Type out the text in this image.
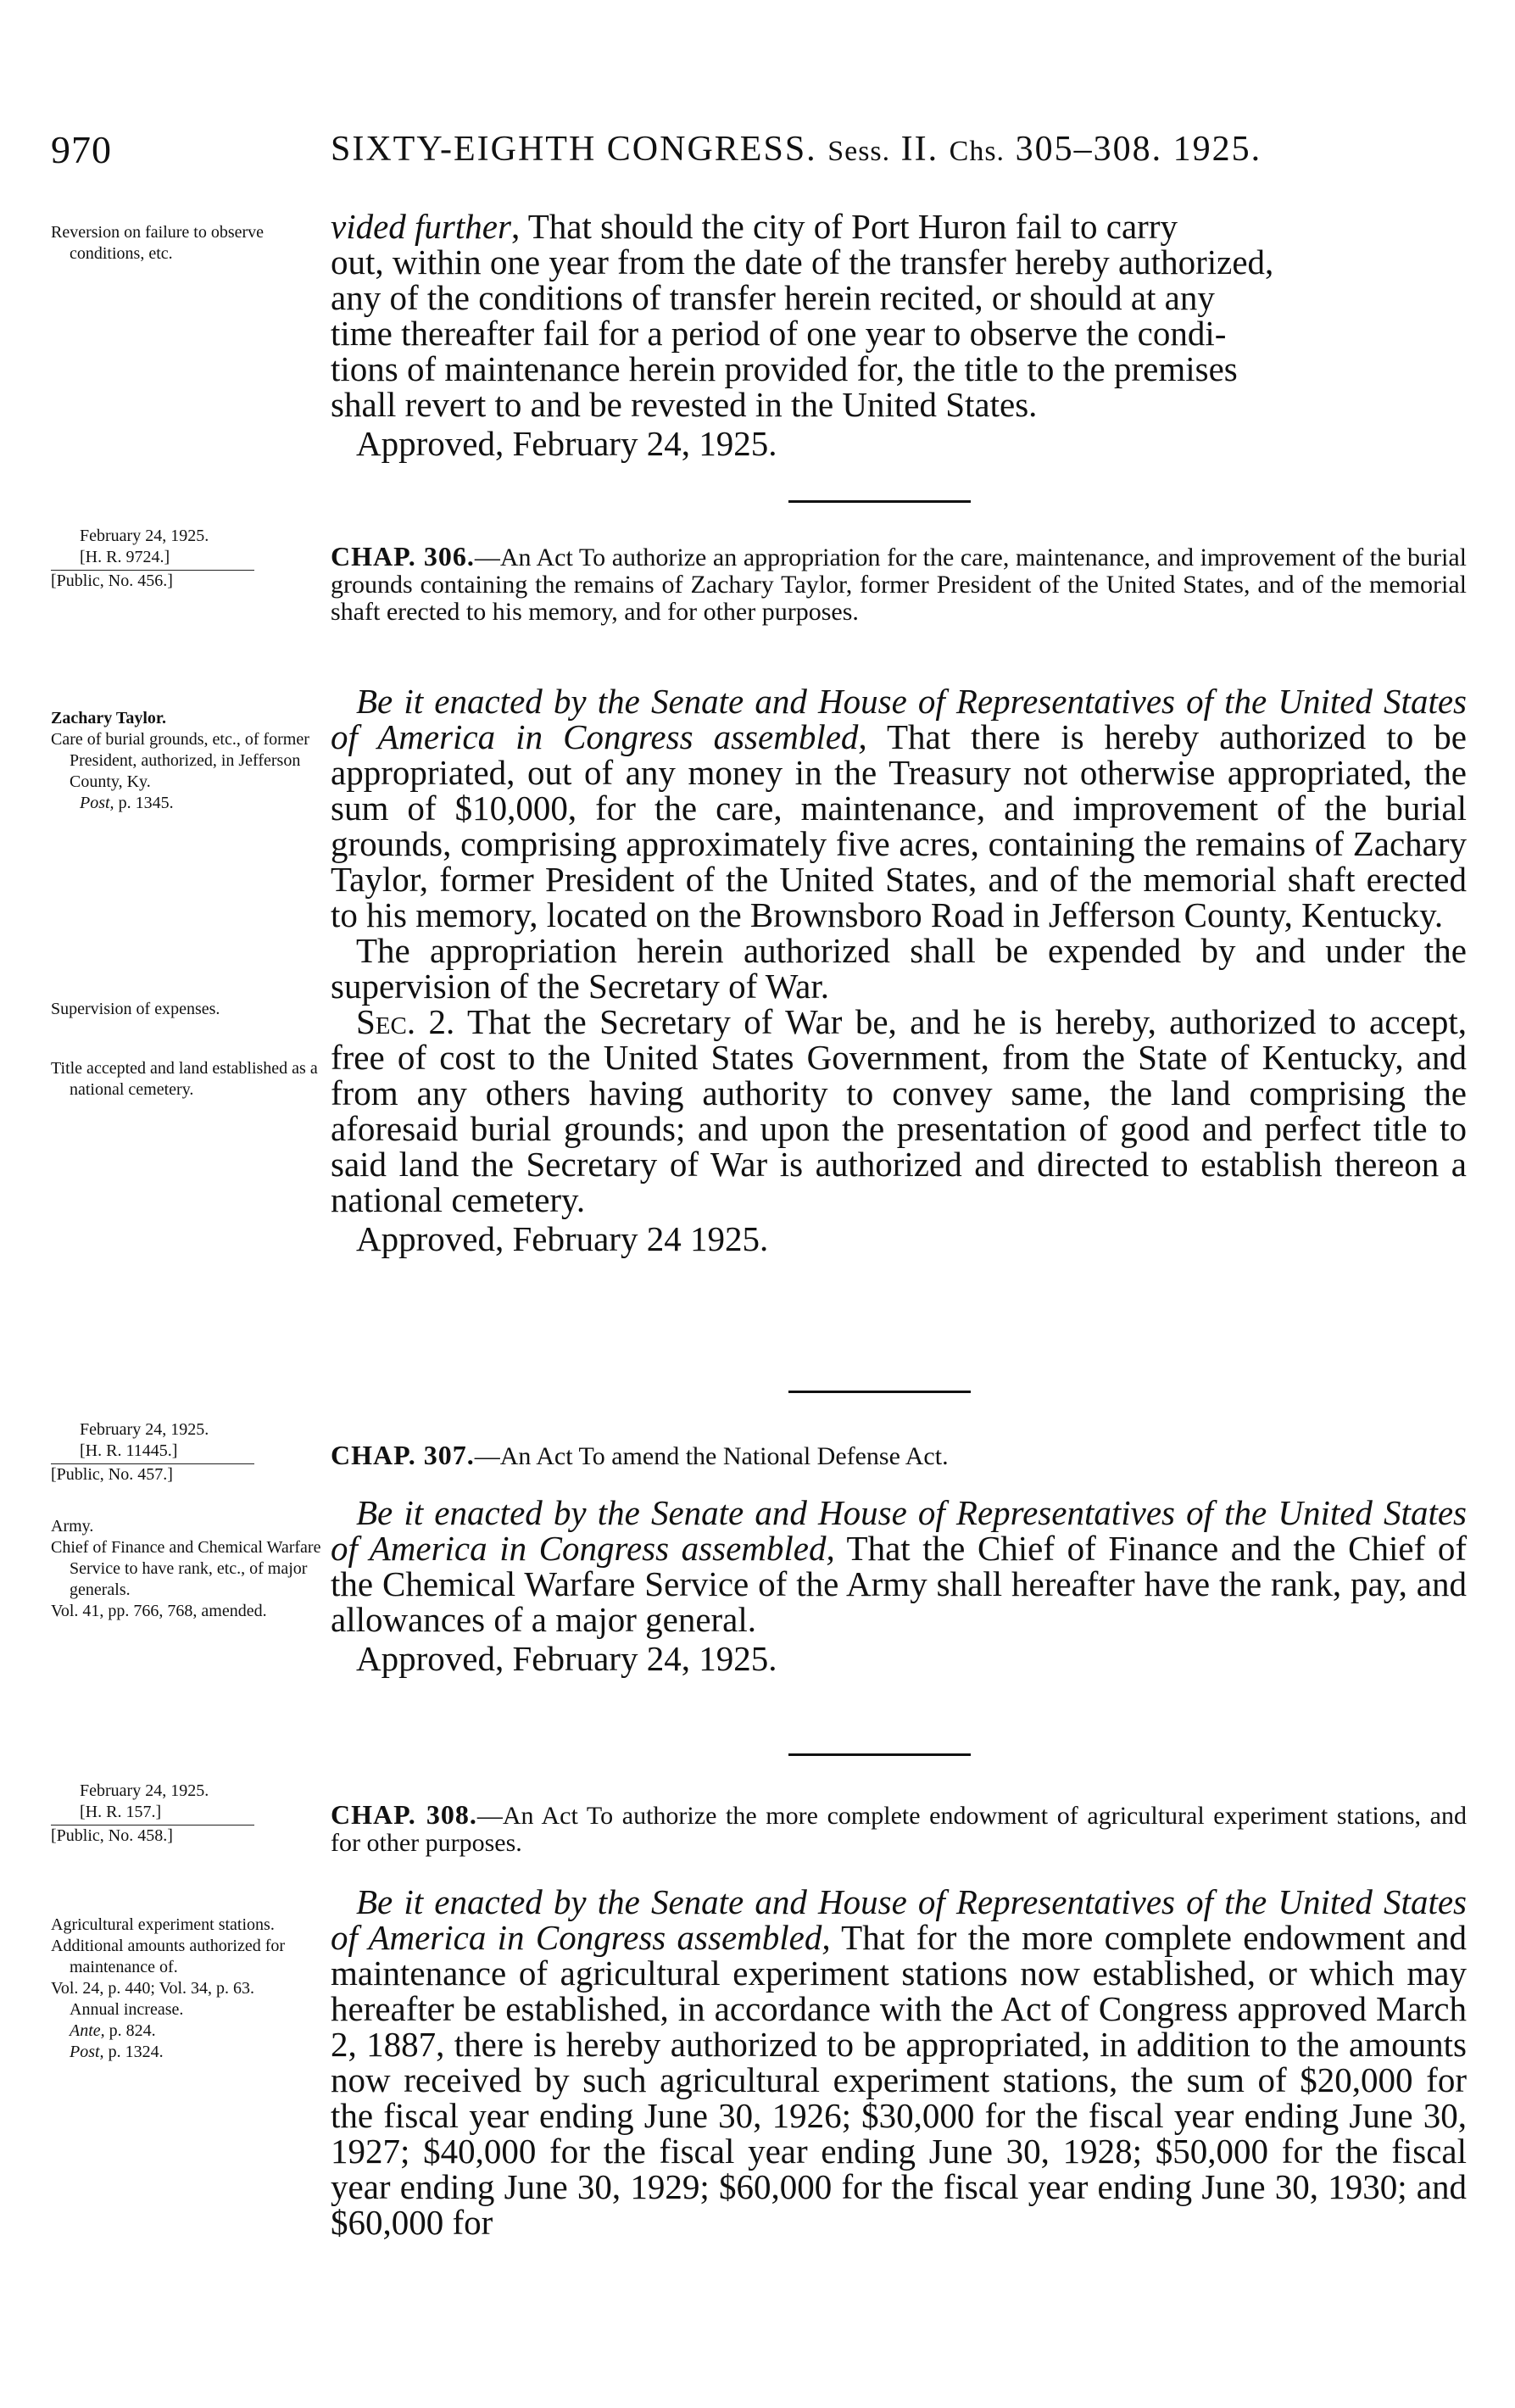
970	SIXTY-EIGHTH CONGRESS. Sess. II. Chs. 305–308. 1925.

Reversion on failure to observe conditions, etc.

vided further, That should the city of Port Huron fail to carry

out, within one year from the date of the transfer hereby authorized,

any of the conditions of transfer herein recited, or should at any

time thereafter fail for a period of one year to observe the condi-

tions of maintenance herein provided for, the title to the premises

shall revert to and be revested in the United States.

Approved, February 24, 1925.

February 24, 1925.

[H. R. 9724.]

[Public, No. 456.]

CHAP. 306.—An Act To authorize an appropriation for the care, maintenance, and improvement of the burial grounds containing the remains of Zachary Taylor, former President of the United States, and of the memorial shaft erected to his memory, and for other purposes.

Zachary Taylor.

Care of burial grounds, etc., of former President, authorized, in Jefferson County, Ky.

Post, p. 1345.

Supervision of expenses.

Title accepted and land established as a national cemetery.

Be it enacted by the Senate and House of Representatives of the United States of America in Congress assembled, That there is hereby authorized to be appropriated, out of any money in the Treasury not otherwise appropriated, the sum of $10,000, for the care, maintenance, and improvement of the burial grounds, comprising approximately five acres, containing the remains of Zachary Taylor, former President of the United States, and of the memorial shaft erected to his memory, located on the Brownsboro Road in Jefferson County, Kentucky.

The appropriation herein authorized shall be expended by and under the supervision of the Secretary of War.

Sec. 2. That the Secretary of War be, and he is hereby, authorized to accept, free of cost to the United States Government, from the State of Kentucky, and from any others having authority to convey same, the land comprising the aforesaid burial grounds; and upon the presentation of good and perfect title to said land the Secretary of War is authorized and directed to establish thereon a national cemetery.

Approved, February 24 1925.

February 24, 1925.

[H. R. 11445.]

[Public, No. 457.]

CHAP. 307.—An Act To amend the National Defense Act.

Army.

Chief of Finance and Chemical Warfare Service to have rank, etc., of major generals.

Vol. 41, pp. 766, 768, amended.

Be it enacted by the Senate and House of Representatives of the United States of America in Congress assembled, That the Chief of Finance and the Chief of the Chemical Warfare Service of the Army shall hereafter have the rank, pay, and allowances of a major general.

Approved, February 24, 1925.

February 24, 1925.

[H. R. 157.]

[Public, No. 458.]

CHAP. 308.—An Act To authorize the more complete endowment of agricultural experiment stations, and for other purposes.

Agricultural experiment stations.

Additional amounts authorized for maintenance of.

Vol. 24, p. 440; Vol. 34, p. 63.

Annual increase.

Ante, p. 824.

Post, p. 1324.

Be it enacted by the Senate and House of Representatives of the United States of America in Congress assembled, That for the more complete endowment and maintenance of agricultural experiment stations now established, or which may hereafter be established, in accordance with the Act of Congress approved March 2, 1887, there is hereby authorized to be appropriated, in addition to the amounts now received by such agricultural experiment stations, the sum of $20,000 for the fiscal year ending June 30, 1926; $30,000 for the fiscal year ending June 30, 1927; $40,000 for the fiscal year ending June 30, 1928; $50,000 for the fiscal year ending June 30, 1929; $60,000 for the fiscal year ending June 30, 1930; and $60,000 for
